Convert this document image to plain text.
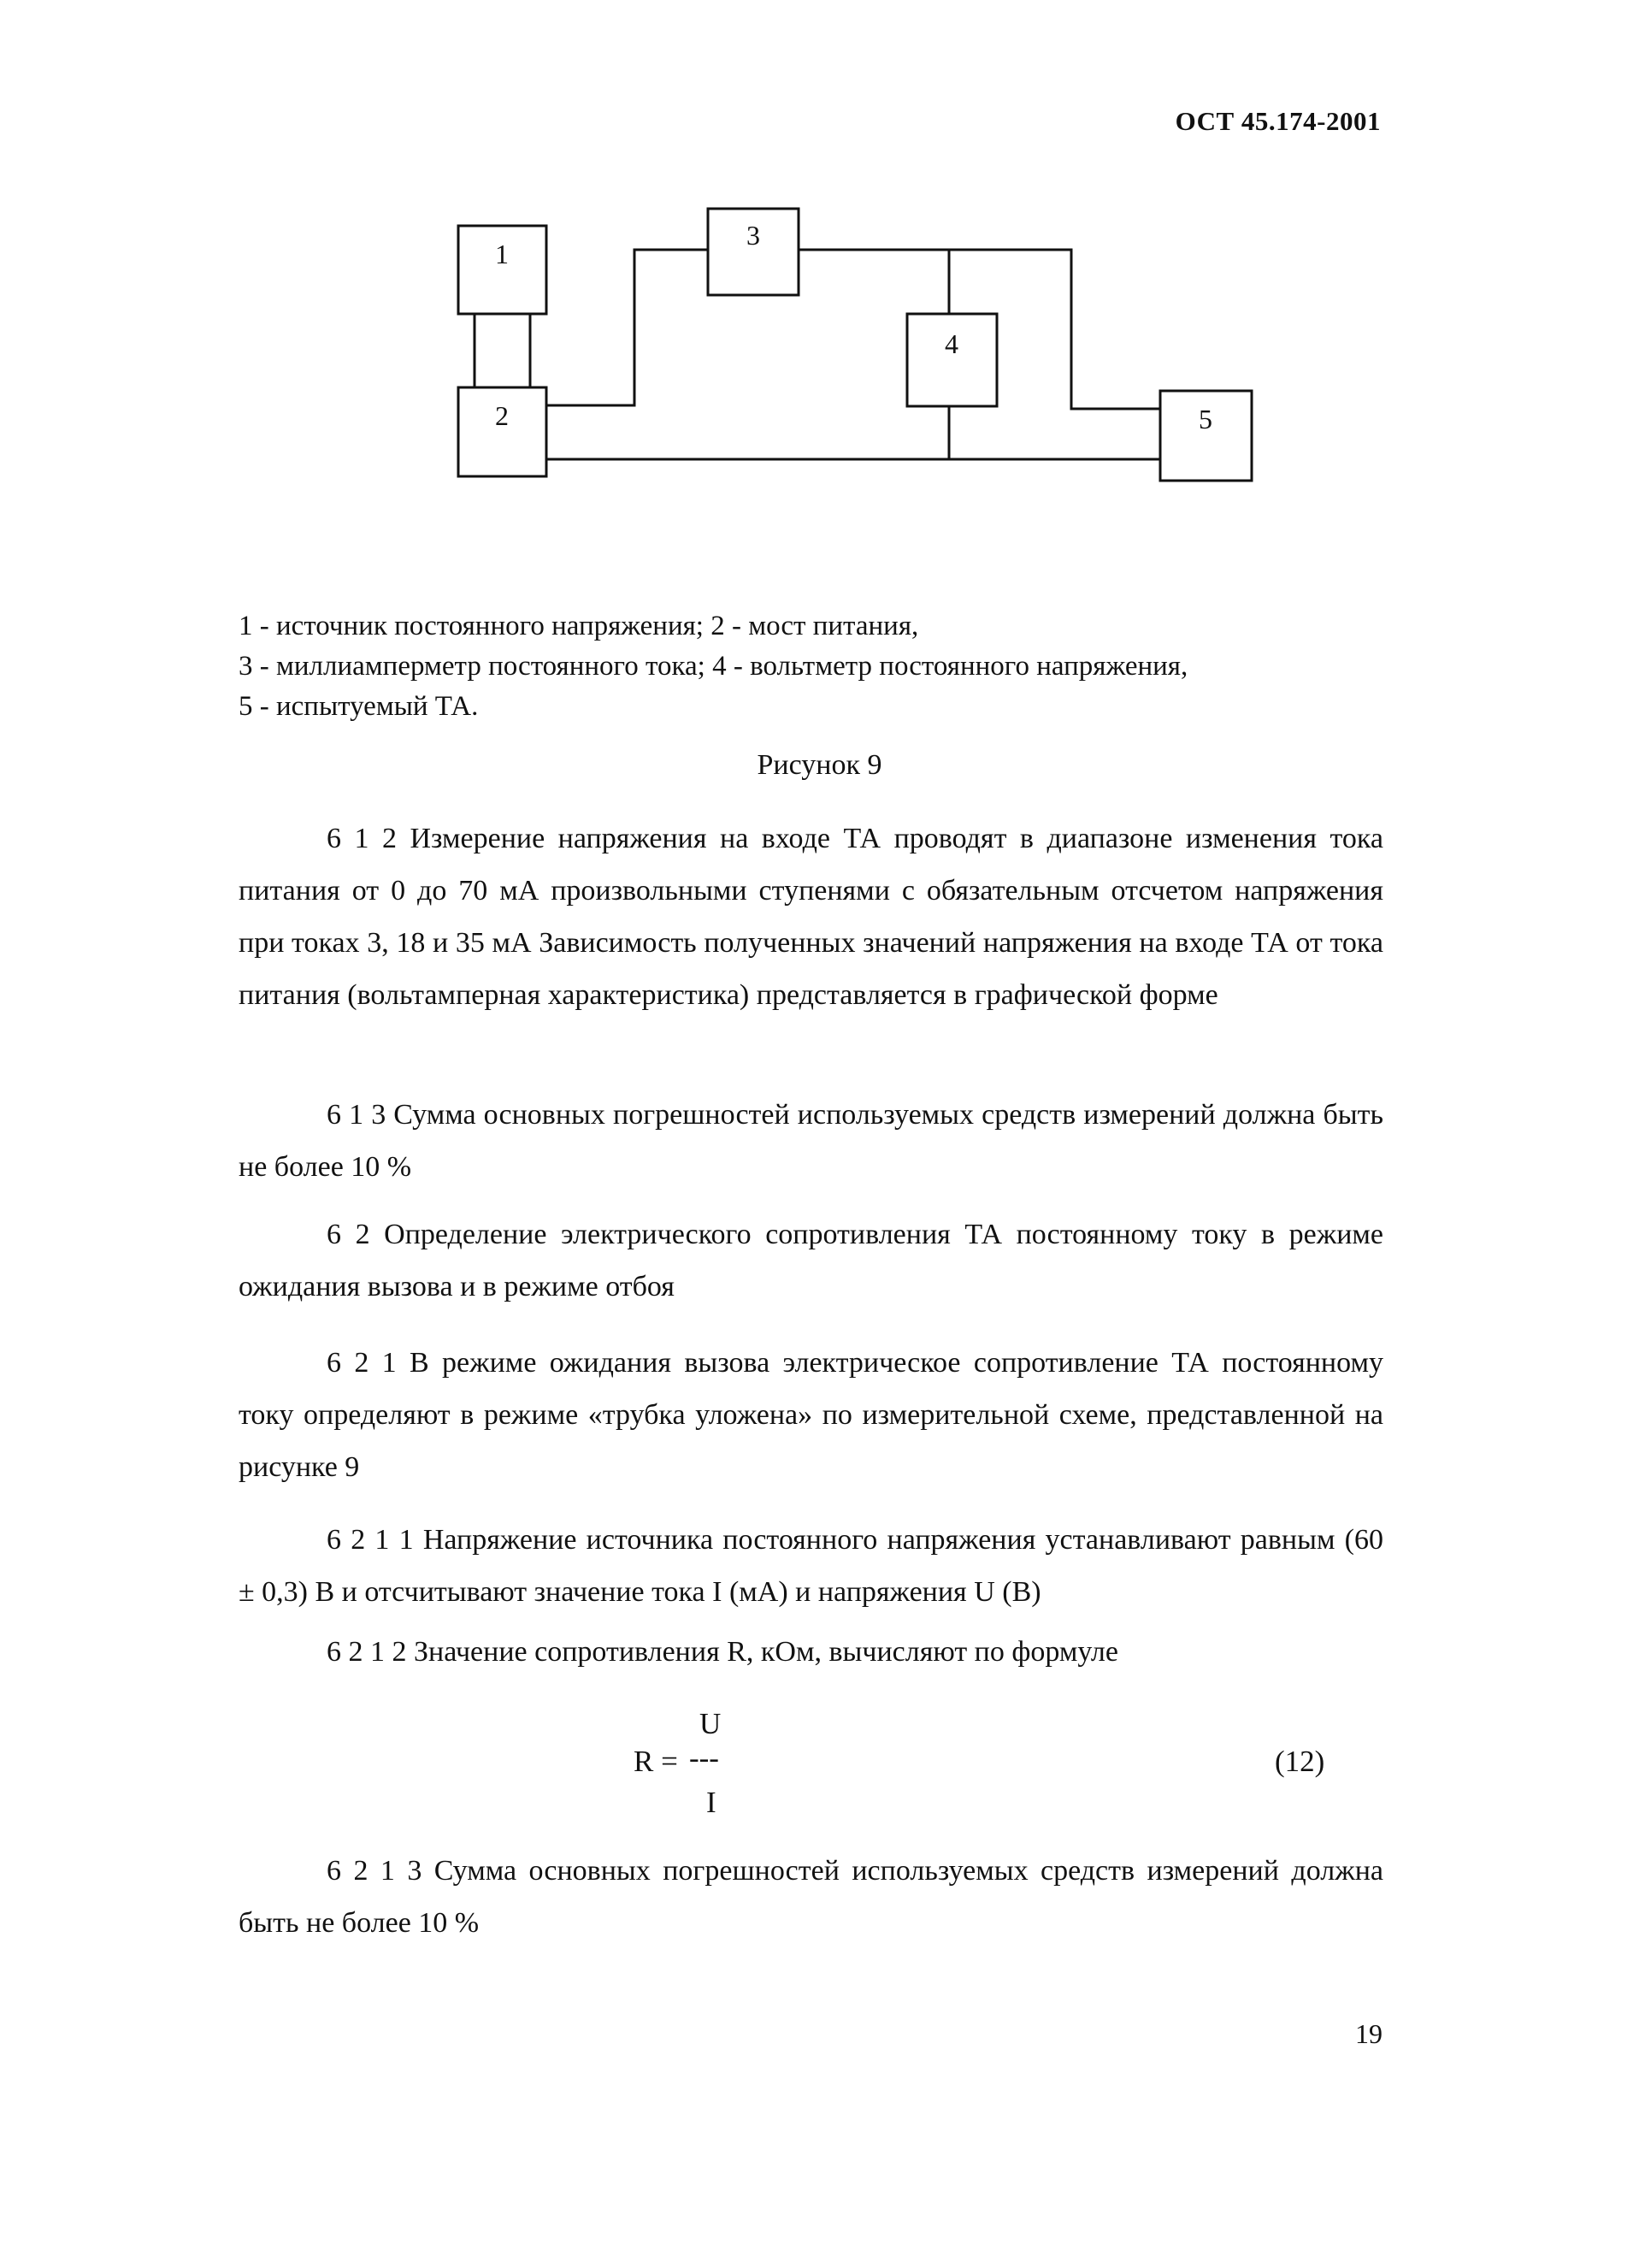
ОСТ 45.174-2001
1
2
3
4
5
1 - источник постоянного напряжения; 2 - мост питания,
3 - миллиамперметр постоянного тока; 4 - вольтметр постоянного напряжения,
5 - испытуемый ТА.
Рисунок 9
6 1 2 Измерение напряжения на входе ТА проводят в диапазоне изменения тока питания от 0 до 70 мА произвольными ступенями с обязательным отсчетом напряжения при токах 3, 18 и 35 мА Зависимость полученных значений напряжения на входе ТА от тока питания (вольтамперная характеристика) представляется в графической форме
6 1 3 Сумма основных погрешностей используемых средств измерений должна быть не более 10 %
6 2 Определение электрического сопротивления ТА постоянному току в режиме ожидания вызова и в режиме отбоя
6 2 1 В режиме ожидания вызова электрическое сопротивление ТА постоянному току определяют в режиме «трубка уложена» по измерительной схеме, представленной на рисунке 9
6 2 1 1 Напряжение источника постоянного напряжения устанавливают равным (60 ± 0,3) В и отсчитывают значение тока I (мА) и напряжения U (В)
6 2 1 2 Значение сопротивления R, кОм, вычисляют по формуле
U
R = ---
I
(12)
6 2 1 3 Сумма основных погрешностей используемых средств измерений должна быть не более 10 %
19
